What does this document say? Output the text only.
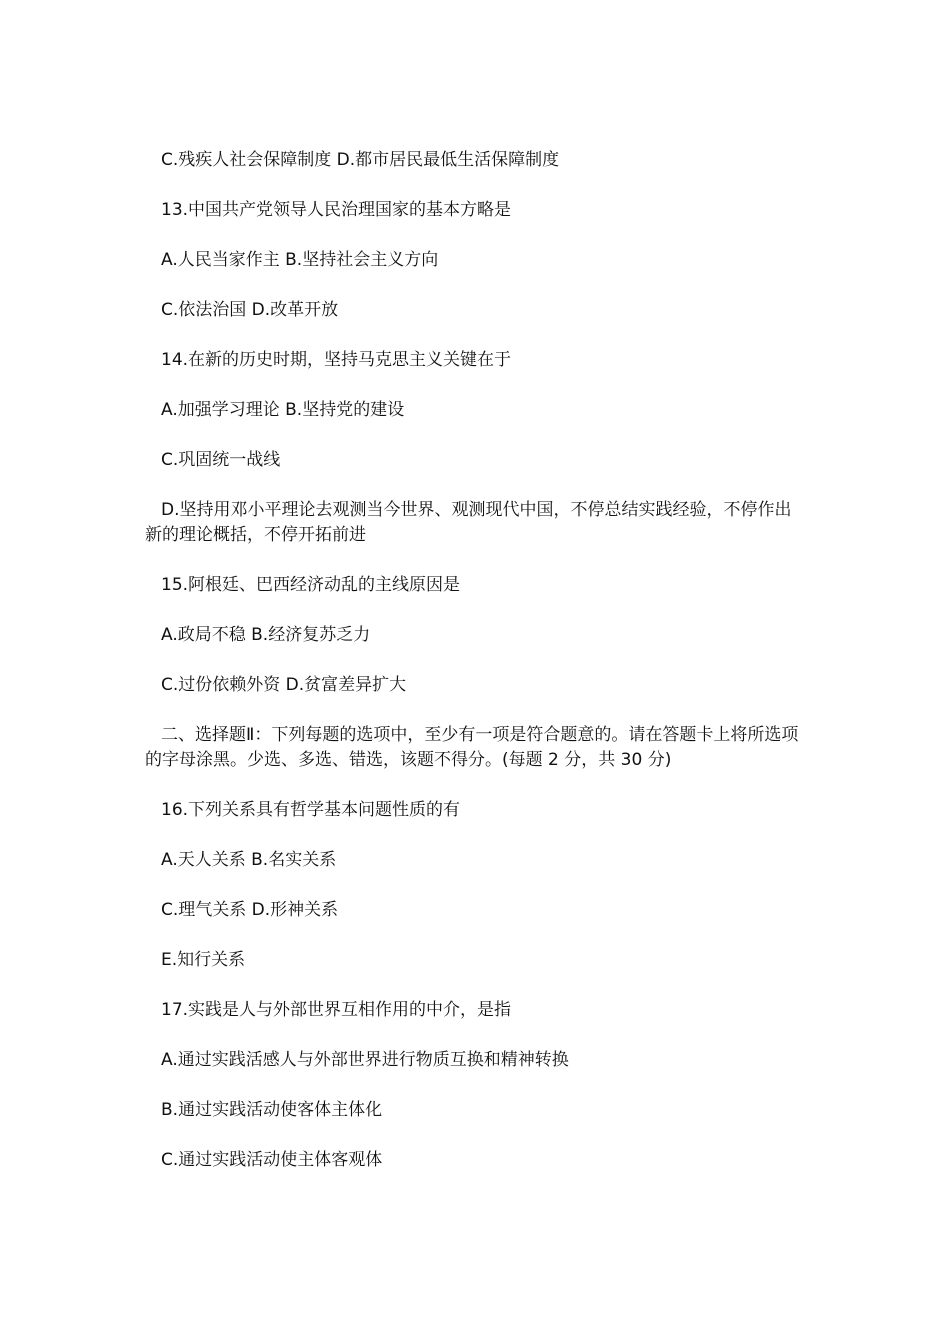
C.残疾人社会保障制度 D.都市居民最低生活保障制度

13.中国共产党领导人民治理国家的基本方略是

A.人民当家作主 B.坚持社会主义方向

C.依法治国 D.改革开放

14.在新的历史时期，坚持马克思主义关键在于

A.加强学习理论 B.坚持党的建设

C.巩固统一战线

D.坚持用邓小平理论去观测当今世界、观测现代中国，不停总结实践经验，不停作出新的理论概括，不停开拓前进

15.阿根廷、巴西经济动乱的主线原因是

A.政局不稳 B.经济复苏乏力

C.过份依赖外资 D.贫富差异扩大

二、选择题Ⅱ：下列每题的选项中，至少有一项是符合题意的。请在答题卡上将所选项的字母涂黑。少选、多选、错选，该题不得分。(每题 2 分，共 30 分)

16.下列关系具有哲学基本问题性质的有

A.天人关系 B.名实关系

C.理气关系 D.形神关系

E.知行关系

17.实践是人与外部世界互相作用的中介，是指

A.通过实践活感人与外部世界进行物质互换和精神转换

B.通过实践活动使客体主体化

C.通过实践活动使主体客观体
